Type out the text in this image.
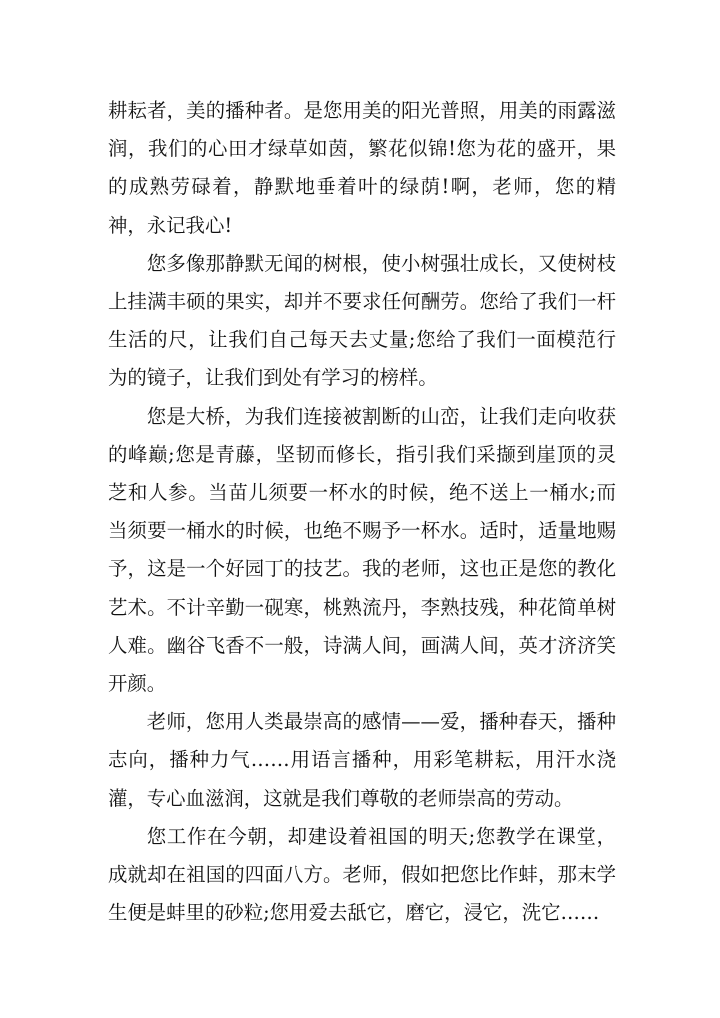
耕耘者，美的播种者。是您用美的阳光普照，用美的雨露滋润，我们的心田才绿草如茵，繁花似锦!您为花的盛开，果的成熟劳碌着，静默地垂着叶的绿荫!啊，老师，您的精神，永记我心!

您多像那静默无闻的树根，使小树强壮成长，又使树枝上挂满丰硕的果实，却并不要求任何酬劳。您给了我们一杆生活的尺，让我们自己每天去丈量;您给了我们一面模范行为的镜子，让我们到处有学习的榜样。

您是大桥，为我们连接被割断的山峦，让我们走向收获的峰巅;您是青藤，坚韧而修长，指引我们采撷到崖顶的灵芝和人参。当苗儿须要一杯水的时候，绝不送上一桶水;而当须要一桶水的时候，也绝不赐予一杯水。适时，适量地赐予，这是一个好园丁的技艺。我的老师，这也正是您的教化艺术。不计辛勤一砚寒，桃熟流丹，李熟技残，种花简单树人难。幽谷飞香不一般，诗满人间，画满人间，英才济济笑开颜。

老师，您用人类最崇高的感情——爱，播种春天，播种志向，播种力气……用语言播种，用彩笔耕耘，用汗水浇灌，专心血滋润，这就是我们尊敬的老师崇高的劳动。

您工作在今朝，却建设着祖国的明天;您教学在课堂，成就却在祖国的四面八方。老师，假如把您比作蚌，那末学生便是蚌里的砂粒;您用爱去舐它，磨它，浸它，洗它……
